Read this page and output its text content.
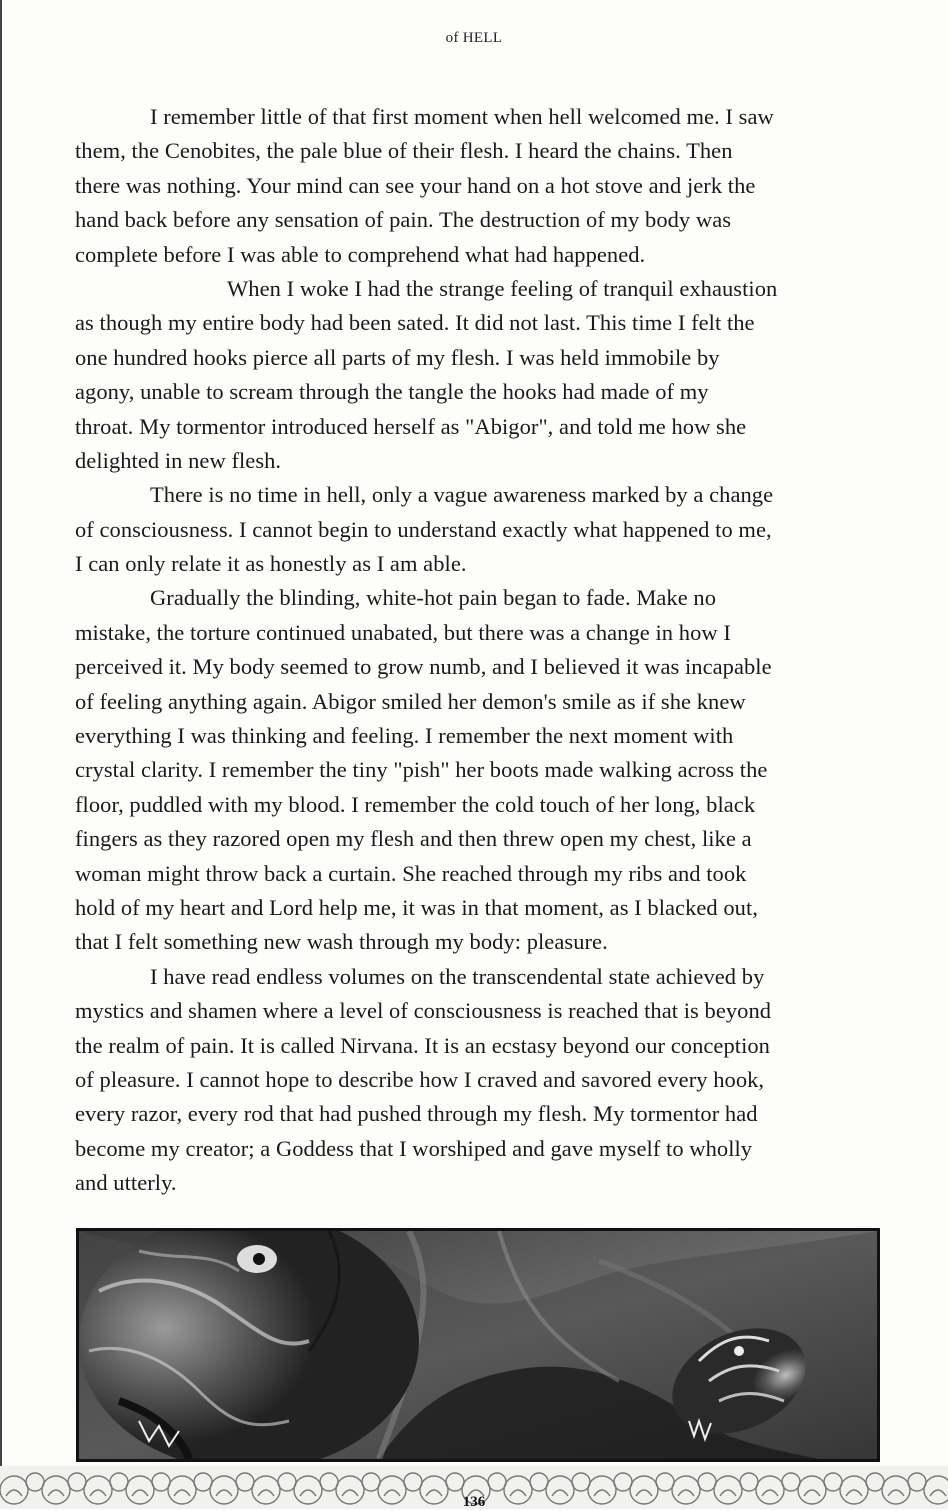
of HELL
I remember little of that first moment when hell welcomed me. I saw
them, the Cenobites, the pale blue of their flesh. I heard the chains. Then
there was nothing. Your mind can see your hand on a hot stove and jerk the
hand back before any sensation of pain. The destruction of my body was
complete before I was able to comprehend what had happened.
When I woke I had the strange feeling of tranquil exhaustion
as though my entire body had been sated. It did not last. This time I felt the
one hundred hooks pierce all parts of my flesh. I was held immobile by
agony, unable to scream through the tangle the hooks had made of my
throat. My tormentor introduced herself as "Abigor", and told me how she
delighted in new flesh.
There is no time in hell, only a vague awareness marked by a change
of consciousness. I cannot begin to understand exactly what happened to me,
I can only relate it as honestly as I am able.
Gradually the blinding, white-hot pain began to fade. Make no
mistake, the torture continued unabated, but there was a change in how I
perceived it. My body seemed to grow numb, and I believed it was incapable
of feeling anything again. Abigor smiled her demon's smile as if she knew
everything I was thinking and feeling. I remember the next moment with
crystal clarity. I remember the tiny "pish" her boots made walking across the
floor, puddled with my blood. I remember the cold touch of her long, black
fingers as they razored open my flesh and then threw open my chest, like a
woman might throw back a curtain. She reached through my ribs and took
hold of my heart and Lord help me, it was in that moment, as I blacked out,
that I felt something new wash through my body: pleasure.
I have read endless volumes on the transcendental state achieved by
mystics and shamen where a level of consciousness is reached that is beyond
the realm of pain. It is called Nirvana. It is an ecstasy beyond our conception
of pleasure. I cannot hope to describe how I craved and savored every hook,
every razor, every rod that had pushed through my flesh. My tormentor had
become my creator; a Goddess that I worshiped and gave myself to wholly
and utterly.
136
